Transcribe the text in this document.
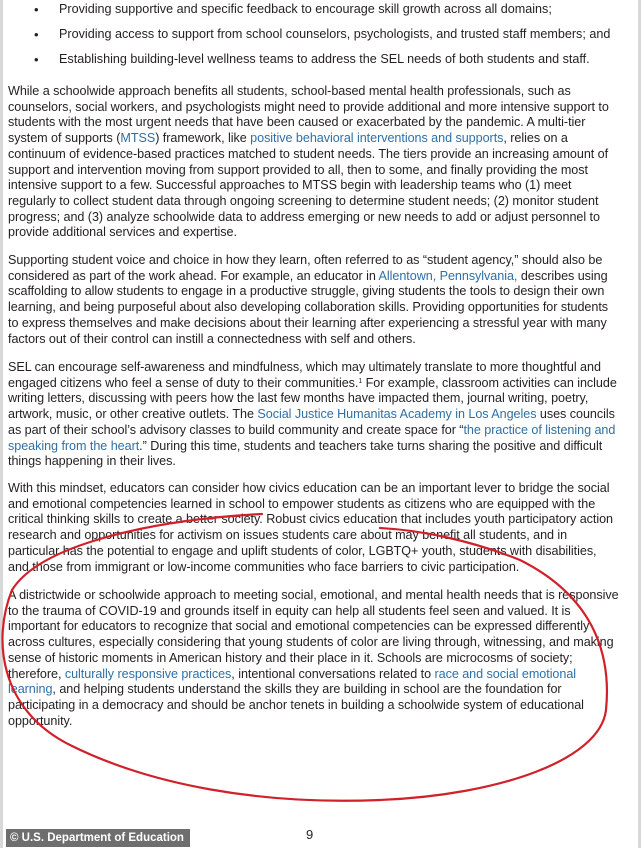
• Providing supportive and specific feedback to encourage skill growth across all domains;
• Providing access to support from school counselors, psychologists, and trusted staff members; and
• Establishing building-level wellness teams to address the SEL needs of both students and staff.

While a schoolwide approach benefits all students, school-based mental health professionals, such as counselors, social workers, and psychologists might need to provide additional and more intensive support to students with the most urgent needs that have been caused or exacerbated by the pandemic. A multi-tier system of supports (MTSS) framework, like positive behavioral interventions and supports, relies on a continuum of evidence-based practices matched to student needs. The tiers provide an increasing amount of support and intervention moving from support provided to all, then to some, and finally providing the most intensive support to a few. Successful approaches to MTSS begin with leadership teams who (1) meet regularly to collect student data through ongoing screening to determine student needs; (2) monitor student progress; and (3) analyze schoolwide data to address emerging or new needs to add or adjust personnel to provide additional services and expertise.

Supporting student voice and choice in how they learn, often referred to as “student agency,” should also be considered as part of the work ahead. For example, an educator in Allentown, Pennsylvania, describes using scaffolding to allow students to engage in a productive struggle, giving students the tools to design their own learning, and being purposeful about also developing collaboration skills. Providing opportunities for students to express themselves and make decisions about their learning after experiencing a stressful year with many factors out of their control can instill a connectedness with self and others.

SEL can encourage self-awareness and mindfulness, which may ultimately translate to more thoughtful and engaged citizens who feel a sense of duty to their communities.$^1$ For example, classroom activities can include writing letters, discussing with peers how the last few months have impacted them, journal writing, poetry, artwork, music, or other creative outlets. The Social Justice Humanitas Academy in Los Angeles uses councils as part of their school’s advisory classes to build community and create space for “the practice of listening and speaking from the heart.” During this time, students and teachers take turns sharing the positive and difficult things happening in their lives.

With this mindset, educators can consider how civics education can be an important lever to bridge the social and emotional competencies learned in school to empower students as citizens who are equipped with the critical thinking skills to create a better society. Robust civics education that includes youth participatory action research and opportunities for activism on issues students care about may benefit all students, and in particular has the potential to engage and uplift students of color, LGBTQ+ youth, students with disabilities, and those from immigrant or low-income communities who face barriers to civic participation.

A districtwide or schoolwide approach to meeting social, emotional, and mental health needs that is responsive to the trauma of COVID-19 and grounds itself in equity can help all students feel seen and valued. It is important for educators to recognize that social and emotional competencies can be expressed differently across cultures, especially considering that young students of color are living through, witnessing, and making sense of historic moments in American history and their place in it. Schools are microcosms of society; therefore, culturally responsive practices, intentional conversations related to race and social emotional learning, and helping students understand the skills they are building in school are the foundation for participating in a democracy and should be anchor tenets in building a schoolwide system of educational opportunity.

© U.S. Department of Education	9
